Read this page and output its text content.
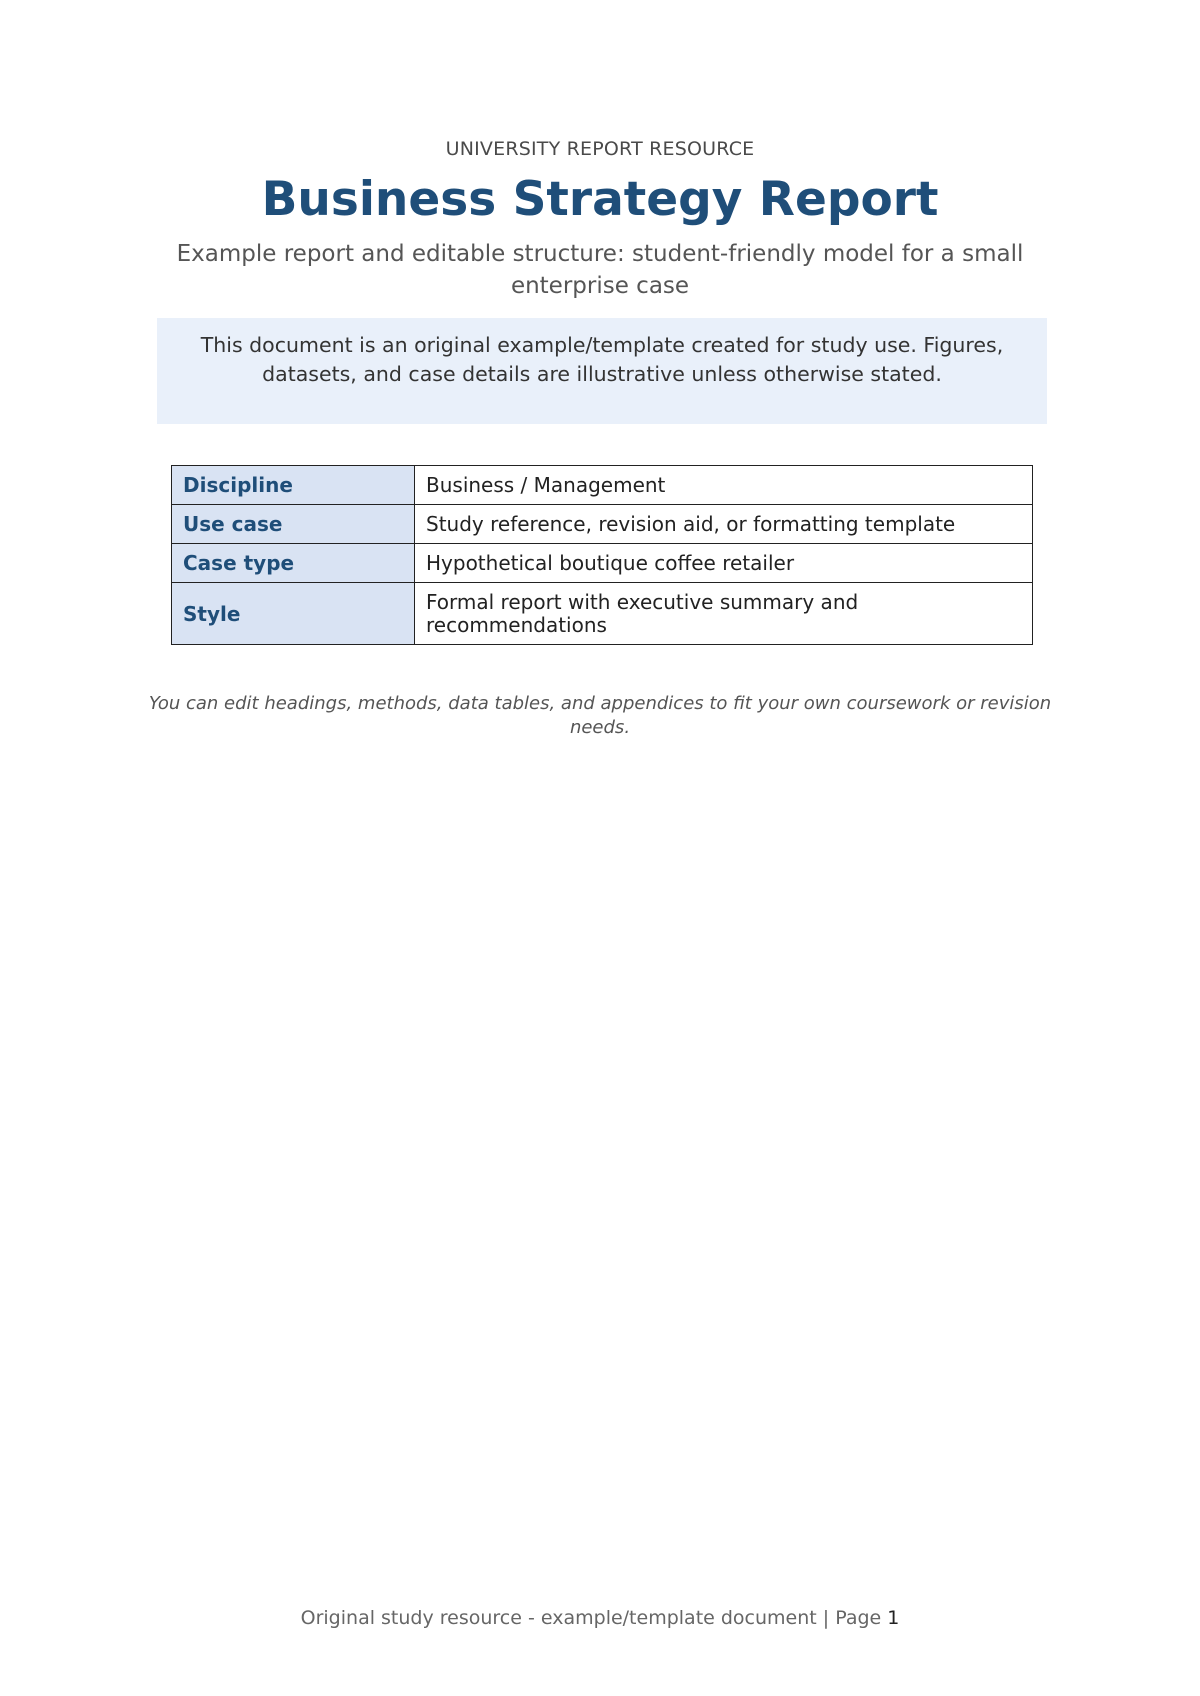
UNIVERSITY REPORT RESOURCE
Business Strategy Report
Example report and editable structure: student-friendly model for a small enterprise case
This document is an original example/template created for study use. Figures, datasets, and case details are illustrative unless otherwise stated.
Discipline	Business / Management
Use case	Study reference, revision aid, or formatting template
Case type	Hypothetical boutique coffee retailer
Style	Formal report with executive summary and recommendations
You can edit headings, methods, data tables, and appendices to fit your own coursework or revision needs.
Original study resource - example/template document | Page 1
